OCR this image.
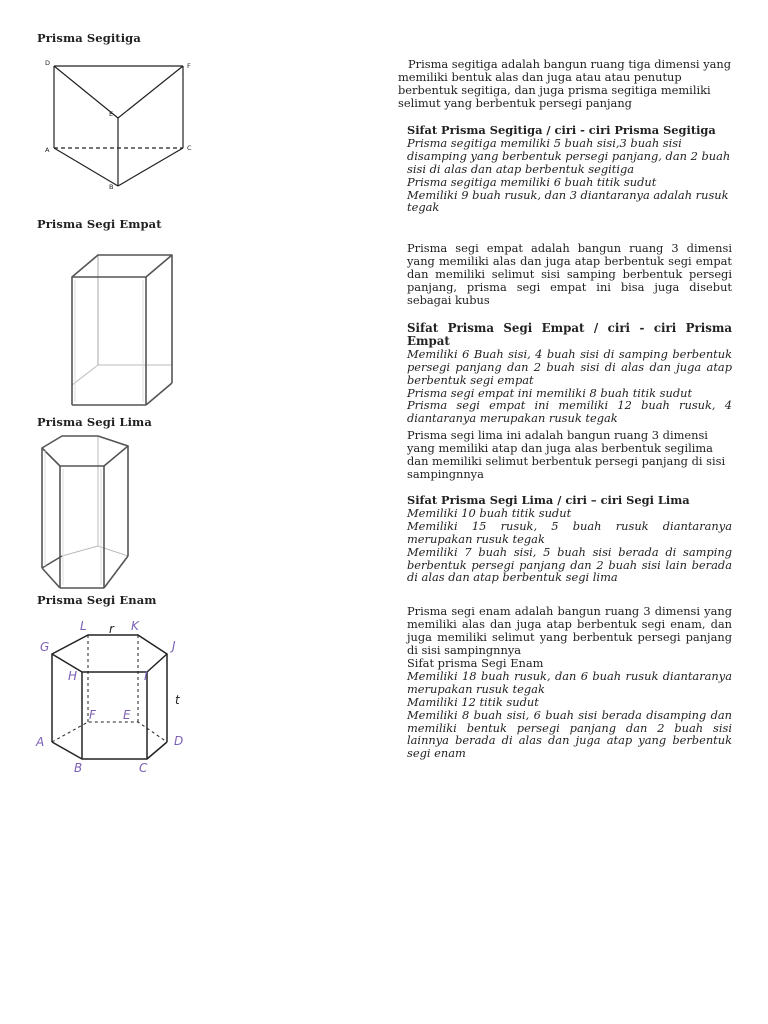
Prisma Segitiga
D	F
E
A	C
B
Prisma segitiga adalah bangun ruang tiga dimensi yang memiliki bentuk alas dan juga atau atau penutup berbentuk segitiga, dan juga prisma segitiga memiliki selimut yang berbentuk persegi panjang

Sifat Prisma Segitiga / ciri - ciri Prisma Segitiga

Prisma segitiga memiliki 5 buah sisi,3 buah sisi disamping yang berbentuk persegi panjang, dan 2 buah sisi di alas dan atap berbentuk segitiga

Prisma segitiga memiliki 6 buah titik sudut

Memiliki 9 buah rusuk, dan 3 diantaranya adalah rusuk tegak

Prisma Segi Empat
Prisma segi empat adalah bangun ruang 3 dimensi yang memiliki alas dan juga atap berbentuk segi empat dan memiliki selimut sisi samping berbentuk persegi panjang, prisma segi empat ini bisa juga disebut sebagai kubus

Sifat Prisma Segi Empat / ciri - ciri Prisma Empat

Memiliki 6 Buah sisi, 4 buah sisi di samping berbentuk persegi panjang dan 2 buah sisi di alas dan juga atap berbentuk segi empat

Prisma segi empat ini memiliki 8 buah titik sudut

Prisma segi empat ini memiliki 12 buah rusuk, 4 diantaranya merupakan rusuk tegak

Prisma Segi Lima
Prisma segi lima ini adalah bangun ruang 3 dimensi yang memiliki atap dan juga alas berbentuk segilima dan memiliki selimut berbentuk persegi panjang di sisi sampingnnya

Sifat Prisma Segi Lima / ciri – ciri Segi Lima

Memiliki 10 buah titik sudut

Memiliki 15 rusuk, 5 buah rusuk diantaranya merupakan rusuk tegak

Memiliki 7 buah sisi, 5 buah sisi berada di samping berbentuk persegi panjang dan 2 buah sisi lain berada di alas dan atap berbentuk segi lima

Prisma Segi Enam
L r K
G	J
H	I
t
F E
A	D
B	C
Prisma segi enam adalah bangun ruang 3 dimensi yang memiliki alas dan juga atap berbentuk segi enam, dan juga memiliki selimut yang berbentuk persegi panjang di sisi sampingnnya

Sifat prisma Segi Enam

Memiliki 18 buah rusuk, dan 6 buah rusuk diantaranya merupakan rusuk tegak

Mamiliki 12 titik sudut

Memiliki 8 buah sisi, 6 buah sisi berada disamping dan memiliki bentuk persegi panjang dan 2 buah sisi lainnya berada di alas dan juga atap yang berbentuk segi enam
